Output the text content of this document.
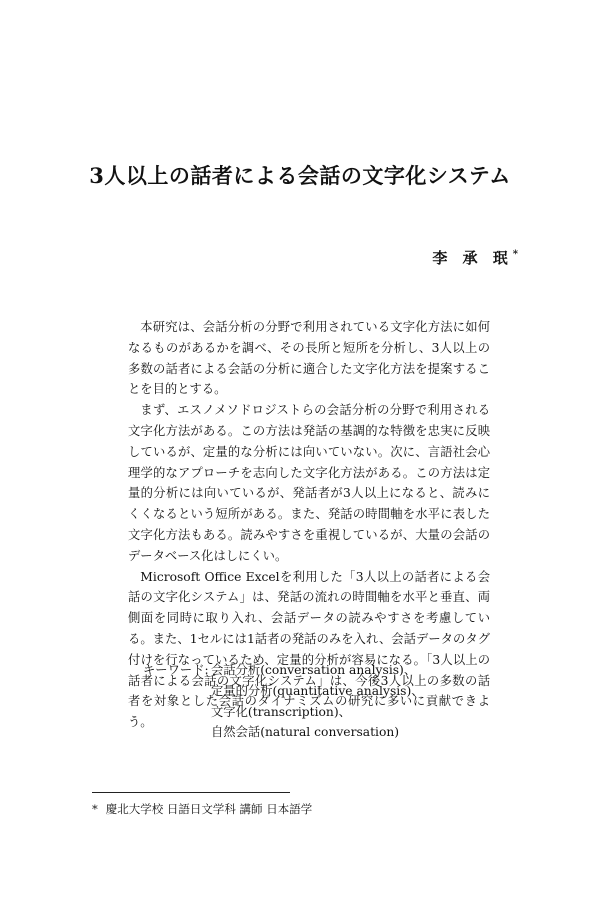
3人以上の話者による会話の文字化システム
李 承 珉*

本研究は、会話分析の分野で利用されている文字化方法に如何なるものがあるかを調べ、その長所と短所を分析し、3人以上の多数の話者による会話の分析に適合した文字化方法を提案することを目的とする。

まず、エスノメソドロジストらの会話分析の分野で利用される文字化方法がある。この方法は発話の基調的な特徴を忠実に反映しているが、定量的な分析には向いていない。次に、言語社会心理学的なアプローチを志向した文字化方法がある。この方法は定量的分析には向いているが、発話者が3人以上になると、読みにくくなるという短所がある。また、発話の時間軸を水平に表した文字化方法もある。読みやすさを重視しているが、大量の会話のデータベース化はしにくい。

Microsoft Office Excelを利用した「3人以上の話者による会話の文字化システム」は、発話の流れの時間軸を水平と垂直、両側面を同時に取り入れ、会話データの読みやすさを考慮している。また、1セルには1話者の発話のみを入れ、会話データのタグ付けを行なっているため、定量的分析が容易になる。「3人以上の話者による会話の文字化システム」は、今後3人以上の多数の話者を対象とした会話のダイナミズムの研究に多いに貢献できよう。

キーワード: 会話分析(conversation analysis)、
定量的分析(quantitative analysis)、
文字化(transcription)、
自然会話(natural conversation)
* 慶北大学校 日語日文学科 講師 日本語学
